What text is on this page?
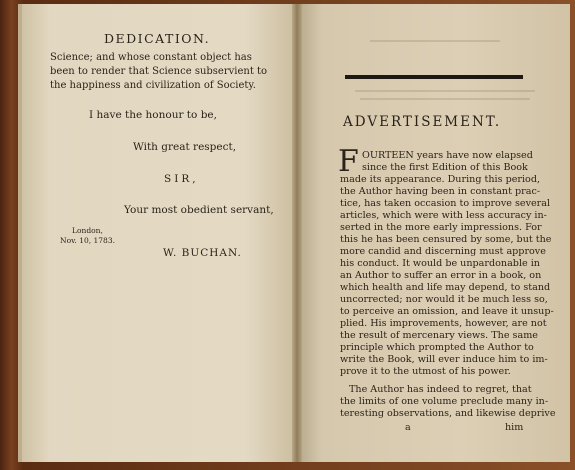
DEDICATION.
Science; and whose constant object has
been to render that Science subservient to
the happiness and civilization of Society.
I have the honour to be,
With great respect,
SIR,
Your most obedient servant,
London,
Nov. 10, 1783.
W. BUCHAN.
ADVERTISEMENT.
F OURTEEN years have now elapsed
since the first Edition of this Book
made its appearance. During this period,
the Author having been in constant prac-
tice, has taken occasion to improve several
articles, which were with less accuracy in-
serted in the more early impressions. For
this he has been censured by some, but the
more candid and discerning must approve
his conduct. It would be unpardonable in
an Author to suffer an error in a book, on
which health and life may depend, to stand
uncorrected; nor would it be much less so,
to perceive an omission, and leave it unsup-
plied. His improvements, however, are not
the result of mercenary views. The same
principle which prompted the Author to
write the Book, will ever induce him to im-
prove it to the utmost of his power.
The Author has indeed to regret, that
the limits of one volume preclude many in-
teresting observations, and likewise deprive
a	him
